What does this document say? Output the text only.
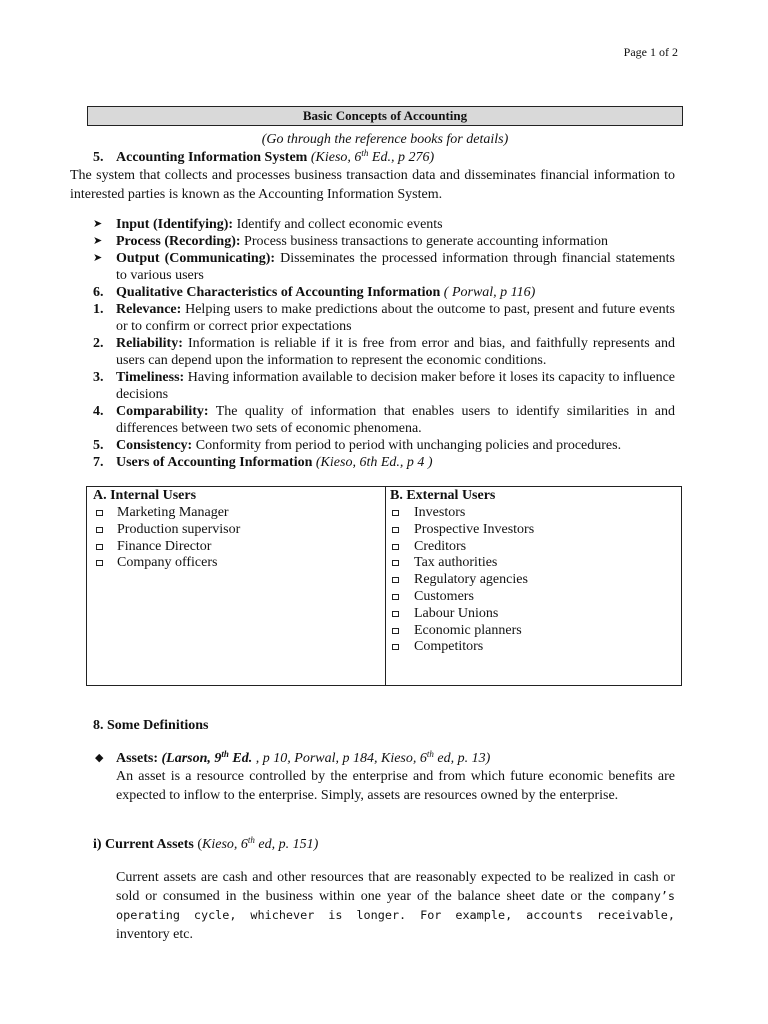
Page 1 of 2
Basic Concepts of Accounting
(Go through the reference books for details)

5. Accounting Information System (Kieso, 6th Ed., p 276)

The system that collects and processes business transaction data and disseminates financial information to interested parties is known as the Accounting Information System.

➤ Input (Identifying): Identify and collect economic events

➤ Process (Recording): Process business transactions to generate accounting information

➤ Output (Communicating): Disseminates the processed information through financial statements to various users

6. Qualitative Characteristics of Accounting Information ( Porwal, p 116)

1. Relevance: Helping users to make predictions about the outcome to past, present and future events or to confirm or correct prior expectations

2. Reliability: Information is reliable if it is free from error and bias, and faithfully represents and users can depend upon the information to represent the economic conditions.

3. Timeliness: Having information available to decision maker before it loses its capacity to influence decisions

4. Comparability: The quality of information that enables users to identify similarities in and differences between two sets of economic phenomena.

5. Consistency: Conformity from period to period with unchanging policies and procedures.

7. Users of Accounting Information (Kieso, 6th Ed., p 4 )

A. Internal Users
Marketing Manager
Production supervisor
Finance Director
Company officers
B. External Users
Investors
Prospective Investors
Creditors
Tax authorities
Regulatory agencies
Customers
Labour Unions
Economic planners
Competitors
8. Some Definitions

◆ Assets: (Larson, 9th Ed. , p 10, Porwal, p 184, Kieso, 6th ed, p. 13)

An asset is a resource controlled by the enterprise and from which future economic benefits are expected to inflow to the enterprise. Simply, assets are resources owned by the enterprise.

i) Current Assets (Kieso, 6th ed, p. 151)

Current assets are cash and other resources that are reasonably expected to be realized in cash or sold or consumed in the business within one year of the balance sheet date or the company’s operating cycle, whichever is longer. For example, accounts receivable, inventory etc.
